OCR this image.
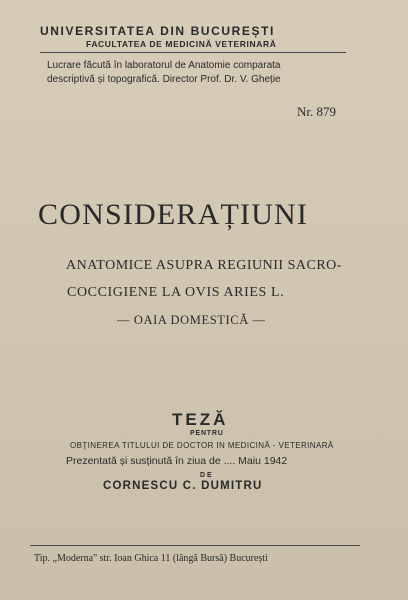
UNIVERSITATEA DIN BUCUREȘTI
FACULTATEA DE MEDICINĂ VETERINARĂ
Lucrare făcută în laboratorul de Anatomie comparata
descriptivă și topografică. Director Prof. Dr. V. Gheție
Nr. 879
CONSIDERAȚIUNI
ANATOMICE ASUPRA REGIUNII SACRO-
COCCIGIENE LA OVIS ARIES L.
— OAIA DOMESTICĂ —
TEZĂ
PENTRU
OBȚINEREA TITLULUI DE DOCTOR IN MEDICINĂ - VETERINARĂ
Prezentată și susținută în ziua de .... Maiu 1942
DE
CORNESCU C. DUMITRU
Tip. „Moderna" str. Ioan Ghica 11 (lângă Bursă) București
